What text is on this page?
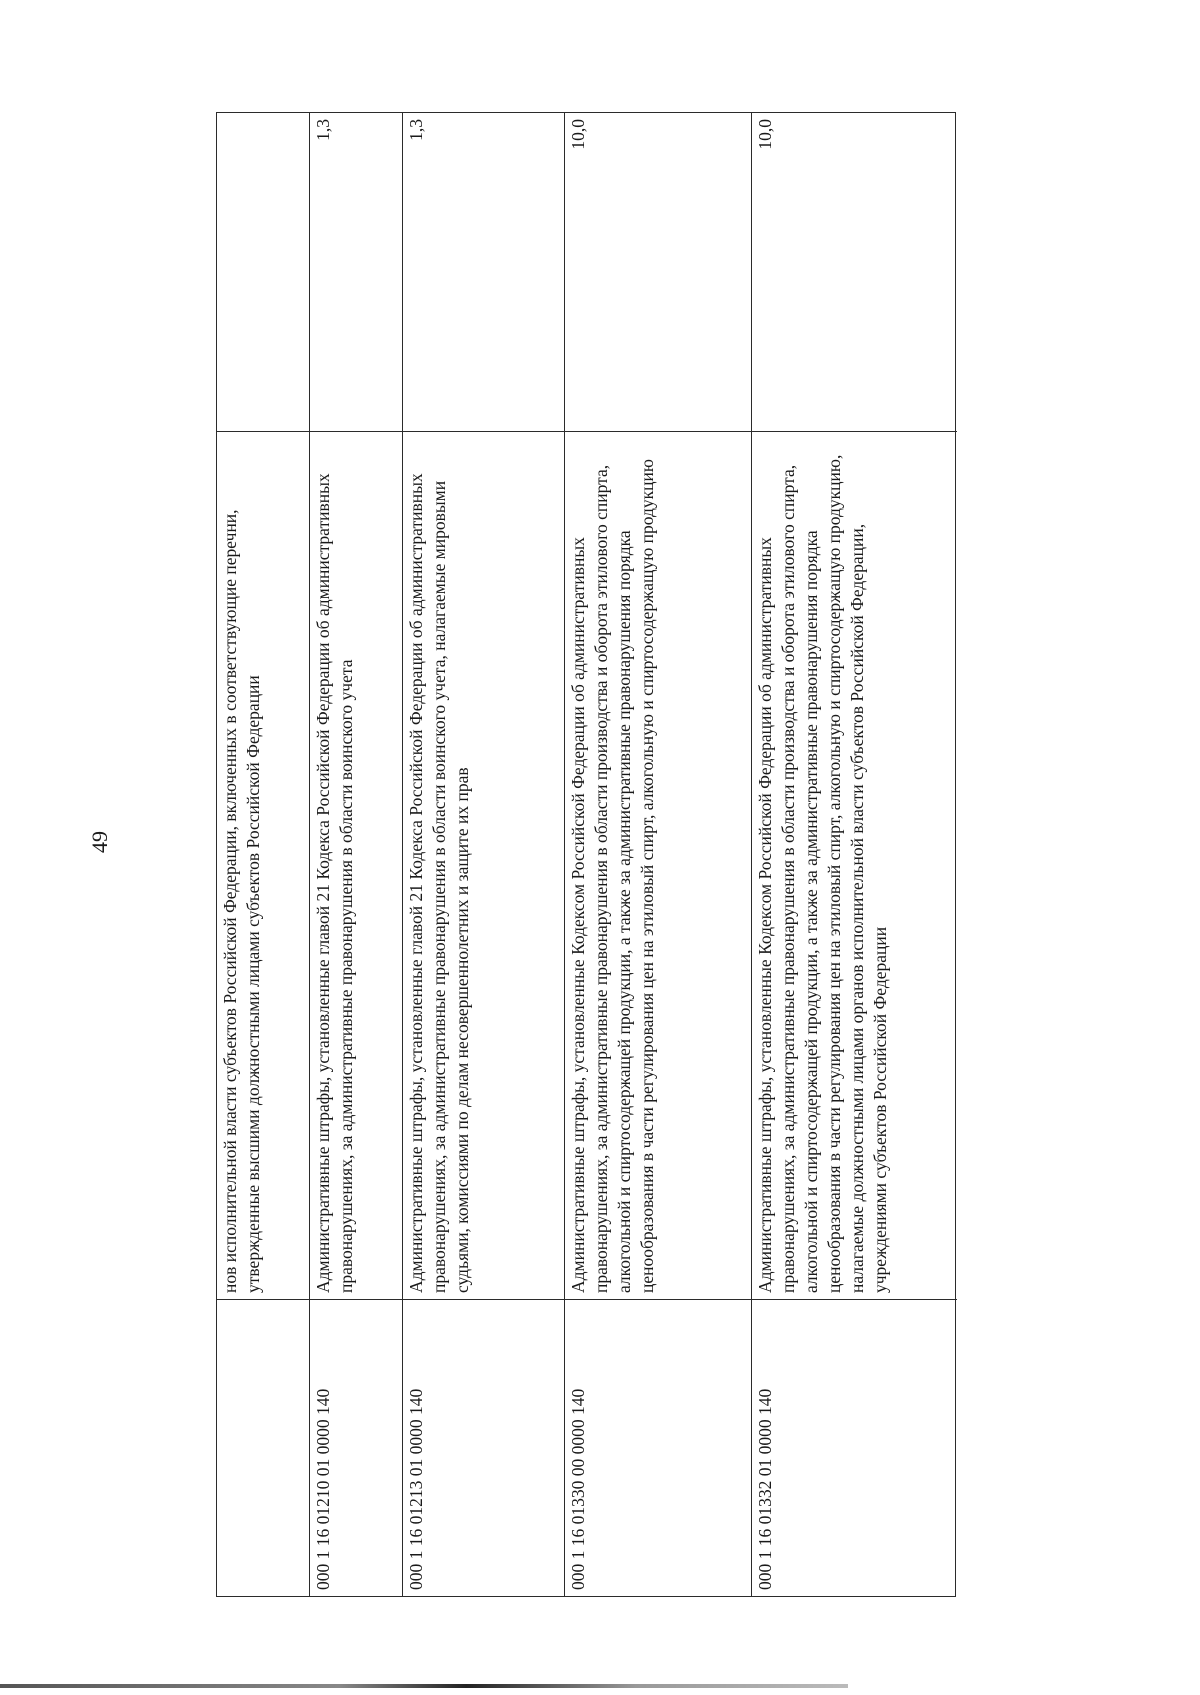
49	нов исполнительной власти субъектов Российской Федерации, включенных в соответствующие перечни, утвержденные высшими должностными лицами субъектов Российской Федерации
000 1 16 01210 01 0000 140
Административные штрафы, установленные главой 21 Кодекса Российской Федерации об административных правонарушениях, за административные правонарушения в области воинского учета
1,3
000 1 16 01213 01 0000 140
Административные штрафы, установленные главой 21 Кодекса Российской Федерации об административных правонарушениях, за административные правонарушения в области воинского учета, налагаемые мировыми судьями, комиссиями по делам несовершеннолетних и защите их прав
1,3
000 1 16 01330 00 0000 140
Административные штрафы, установленные Кодексом Российской Федерации об административных правонарушениях, за административные правонарушения в области производства и оборота этилового спирта, алкогольной и спиртосодержащей продукции, а также за административные правонарушения порядка ценообразования в части регулирования цен на этиловый спирт, алкогольную и спиртосодержащую продукцию
10,0
000 1 16 01332 01 0000 140
Административные штрафы, установленные Кодексом Российской Федерации об административных правонарушениях, за административные правонарушения в области производства и оборота этилового спирта, алкогольной и спиртосодержащей продукции, а также за административные правонарушения порядка ценообразования в части регулирования цен на этиловый спирт, алкогольную и спиртосодержащую продукцию, налагаемые должностными лицами органов исполнительной власти субъектов Российской Федерации, учреждениями субъектов Российской Федерации
10,0
